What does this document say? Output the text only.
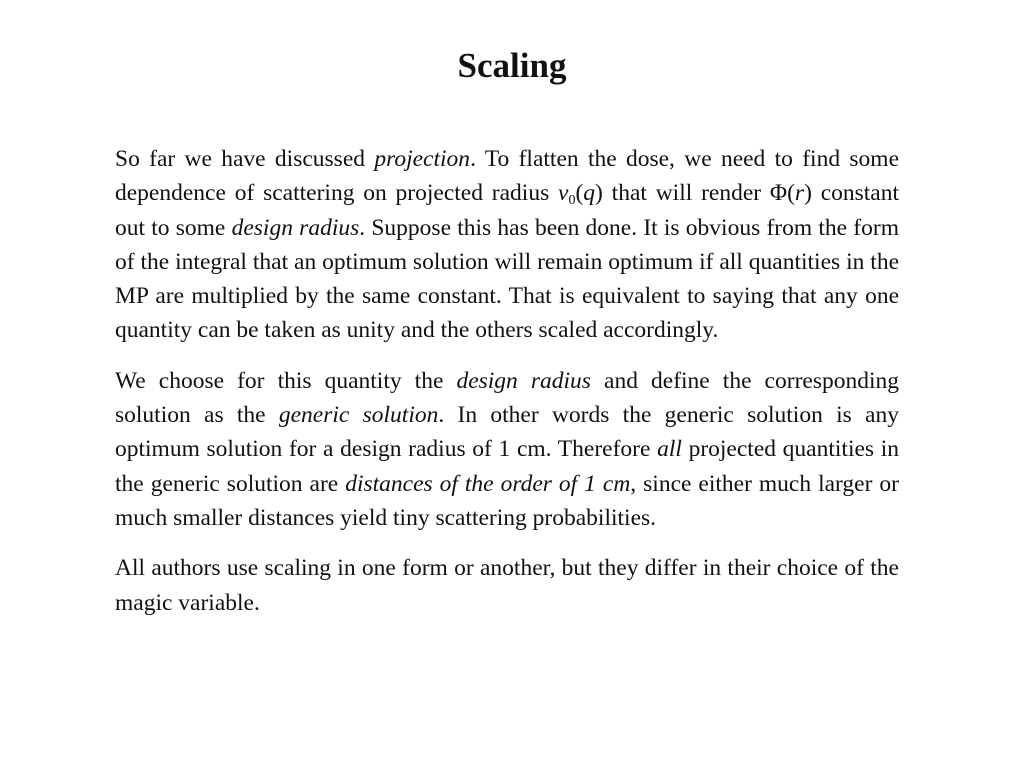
Scaling

So far we have discussed projection. To flatten the dose, we need to find some dependence of scattering on projected radius $v_0(q)$ that will render Φ(r) constant out to some design radius. Suppose this has been done. It is obvious from the form of the integral that an optimum solution will remain optimum if all quantities in the MP are multiplied by the same constant. That is equivalent to saying that any one quantity can be taken as unity and the others scaled accordingly.

We choose for this quantity the design radius and define the corresponding solution as the generic solution. In other words the generic solution is any optimum solution for a design radius of 1 cm. Therefore all projected quantities in the generic solution are distances of the order of 1 cm, since either much larger or much smaller distances yield tiny scattering probabilities.

All authors use scaling in one form or another, but they differ in their choice of the magic variable.
